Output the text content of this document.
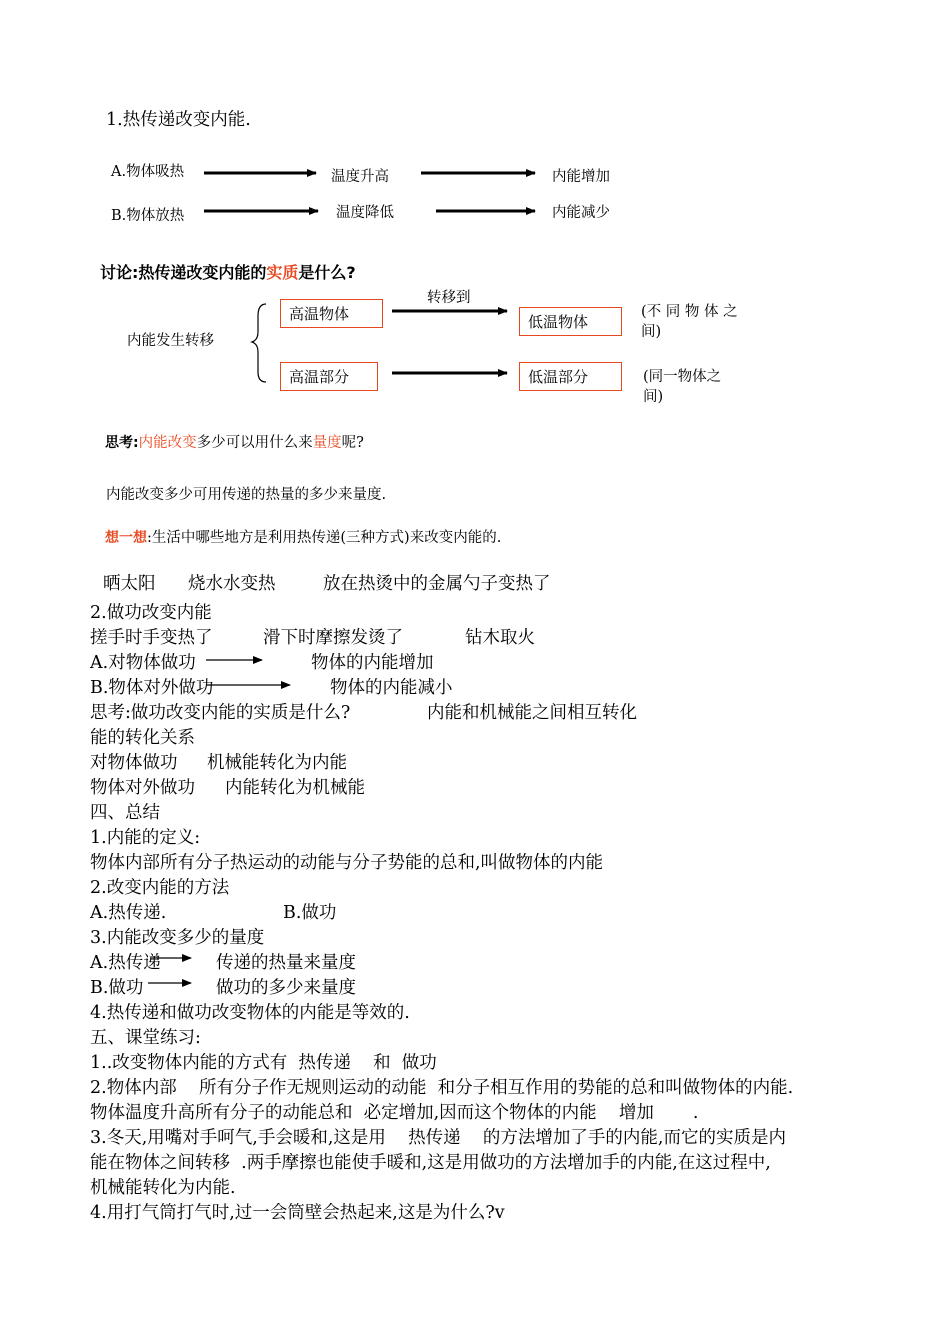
1.热传递改变内能.
A.物体吸热	温度升高	内能增加
B.物体放热	温度降低	内能减少
讨论:热传递改变内能的实质是什么?
转移到
内能发生转移
高温物体	低温物体
高温部分	低温部分
(不 同 物 体 之
间)
(同一物体之
间)
思考:内能改变多少可以用什么来量度呢?
内能改变多少可用传递的热量的多少来量度.
想一想:生活中哪些地方是利用热传递(三种方式)来改变内能的.
晒太阳 烧水水变热	放在热烫中的金属勺子变热了
2.做功改变内能
搓手时手变热了	滑下时摩擦发烫了	钻木取火
A.对物体做功	物体的内能增加
B.物体对外做功	物体的内能减小
思考:做功改变内能的实质是什么?	内能和机械能之间相互转化
能的转化关系
对物体做功 机械能转化为内能
物体对外做功 内能转化为机械能
四、总结
1.内能的定义:
物体内部所有分子热运动的动能与分子势能的总和,叫做物体的内能
2.改变内能的方法
A.热传递.	B.做功
3.内能改变多少的量度
A.热传递	传递的热量来量度
B.做功	做功的多少来量度
4.热传递和做功改变物体的内能是等效的.
五、课堂练习:
1..改变物体内能的方式有  热传递    和  做功
2.物体内部    所有分子作无规则运动的动能  和分子相互作用的势能的总和叫做物体的内能.
物体温度升高所有分子的动能总和  必定增加,因而这个物体的内能    增加       .
3.冬天,用嘴对手呵气,手会暖和,这是用    热传递    的方法增加了手的内能,而它的实质是内
能在物体之间转移  .两手摩擦也能使手暖和,这是用做功的方法增加手的内能,在这过程中,
机械能转化为内能.
4.用打气筒打气时,过一会筒壁会热起来,这是为什么?v
